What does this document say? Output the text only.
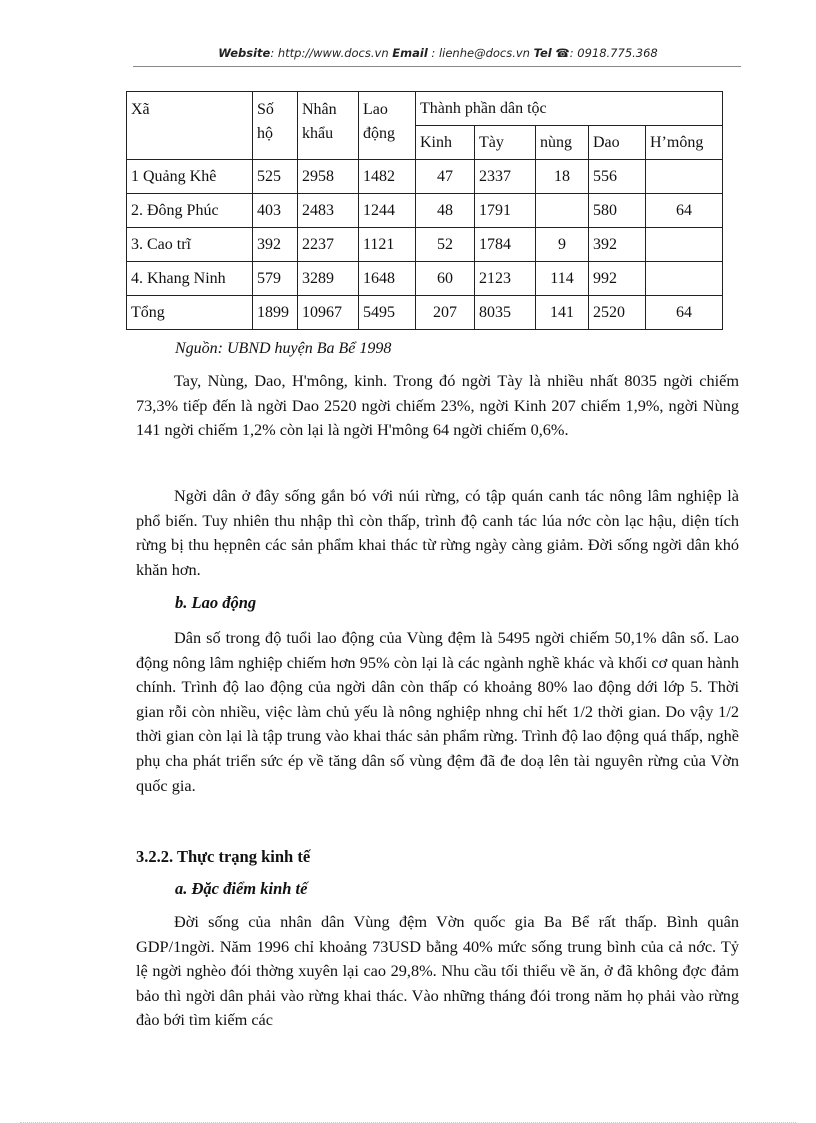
Website: http://www.docs.vn Email : lienhe@docs.vn Tel ☎: 0918.775.368
Xã	Số hộ	Nhân khẩu	Lao động	Thành phần dân tộc				
				Kinh	Tày	nùng	Dao	H’mông
1 Quảng Khê	525	2958	1482	47	2337	18	556	
2. Đông Phúc	403	2483	1244	48	1791		580	64
3. Cao trĩ	392	2237	1121	52	1784	9	392	
4. Khang Ninh	579	3289	1648	60	2123	114	992	
Tổng	1899	10967	5495	207	8035	141	2520	64
Nguồn: UBND huyện Ba Bể 1998

Tay, Nùng, Dao, H'mông, kinh. Trong đó ngời Tày là nhiều nhất 8035 ngời chiếm 73,3% tiếp đến là ngời Dao 2520 ngời chiếm 23%, ngời Kinh 207 chiếm 1,9%, ngời Nùng 141 ngời chiếm 1,2% còn lại là ngời H'mông 64 ngời chiếm 0,6%.

Ngời dân ở đây sống gắn bó với núi rừng, có tập quán canh tác nông lâm nghiệp là phổ biến. Tuy nhiên thu nhập thì còn thấp, trình độ canh tác lúa nớc còn lạc hậu, diện tích rừng bị thu hẹpnên các sản phẩm khai thác từ rừng ngày càng giảm. Đời sống ngời dân khó khăn hơn.

b. Lao động

Dân số trong độ tuổi lao động của Vùng đệm là 5495 ngời chiếm 50,1% dân số. Lao động nông lâm nghiệp chiếm hơn 95% còn lại là các ngành nghề khác và khối cơ quan hành chính. Trình độ lao động của ngời dân còn thấp có khoảng 80% lao động dới lớp 5. Thời gian rỗi còn nhiều, việc làm chủ yếu là nông nghiệp nhng chỉ hết 1/2 thời gian. Do vậy 1/2 thời gian còn lại là tập trung vào khai thác sản phẩm rừng. Trình độ lao động quá thấp, nghề phụ cha phát triển sức ép về tăng dân số vùng đệm đã đe doạ lên tài nguyên rừng của Vờn quốc gia.

3.2.2. Thực trạng kinh tế
a. Đặc điểm kinh tế

Đời sống của nhân dân Vùng đệm Vờn quốc gia Ba Bể rất thấp. Bình quân GDP/1ngời. Năm 1996 chỉ khoảng 73USD bằng 40% mức sống trung bình của cả nớc. Tỷ lệ ngời nghèo đói thờng xuyên lại cao 29,8%. Nhu cầu tối thiểu về ăn, ở đã không đợc đảm bảo thì ngời dân phải vào rừng khai thác. Vào những tháng đói trong năm họ phải vào rừng đào bới tìm kiếm các
